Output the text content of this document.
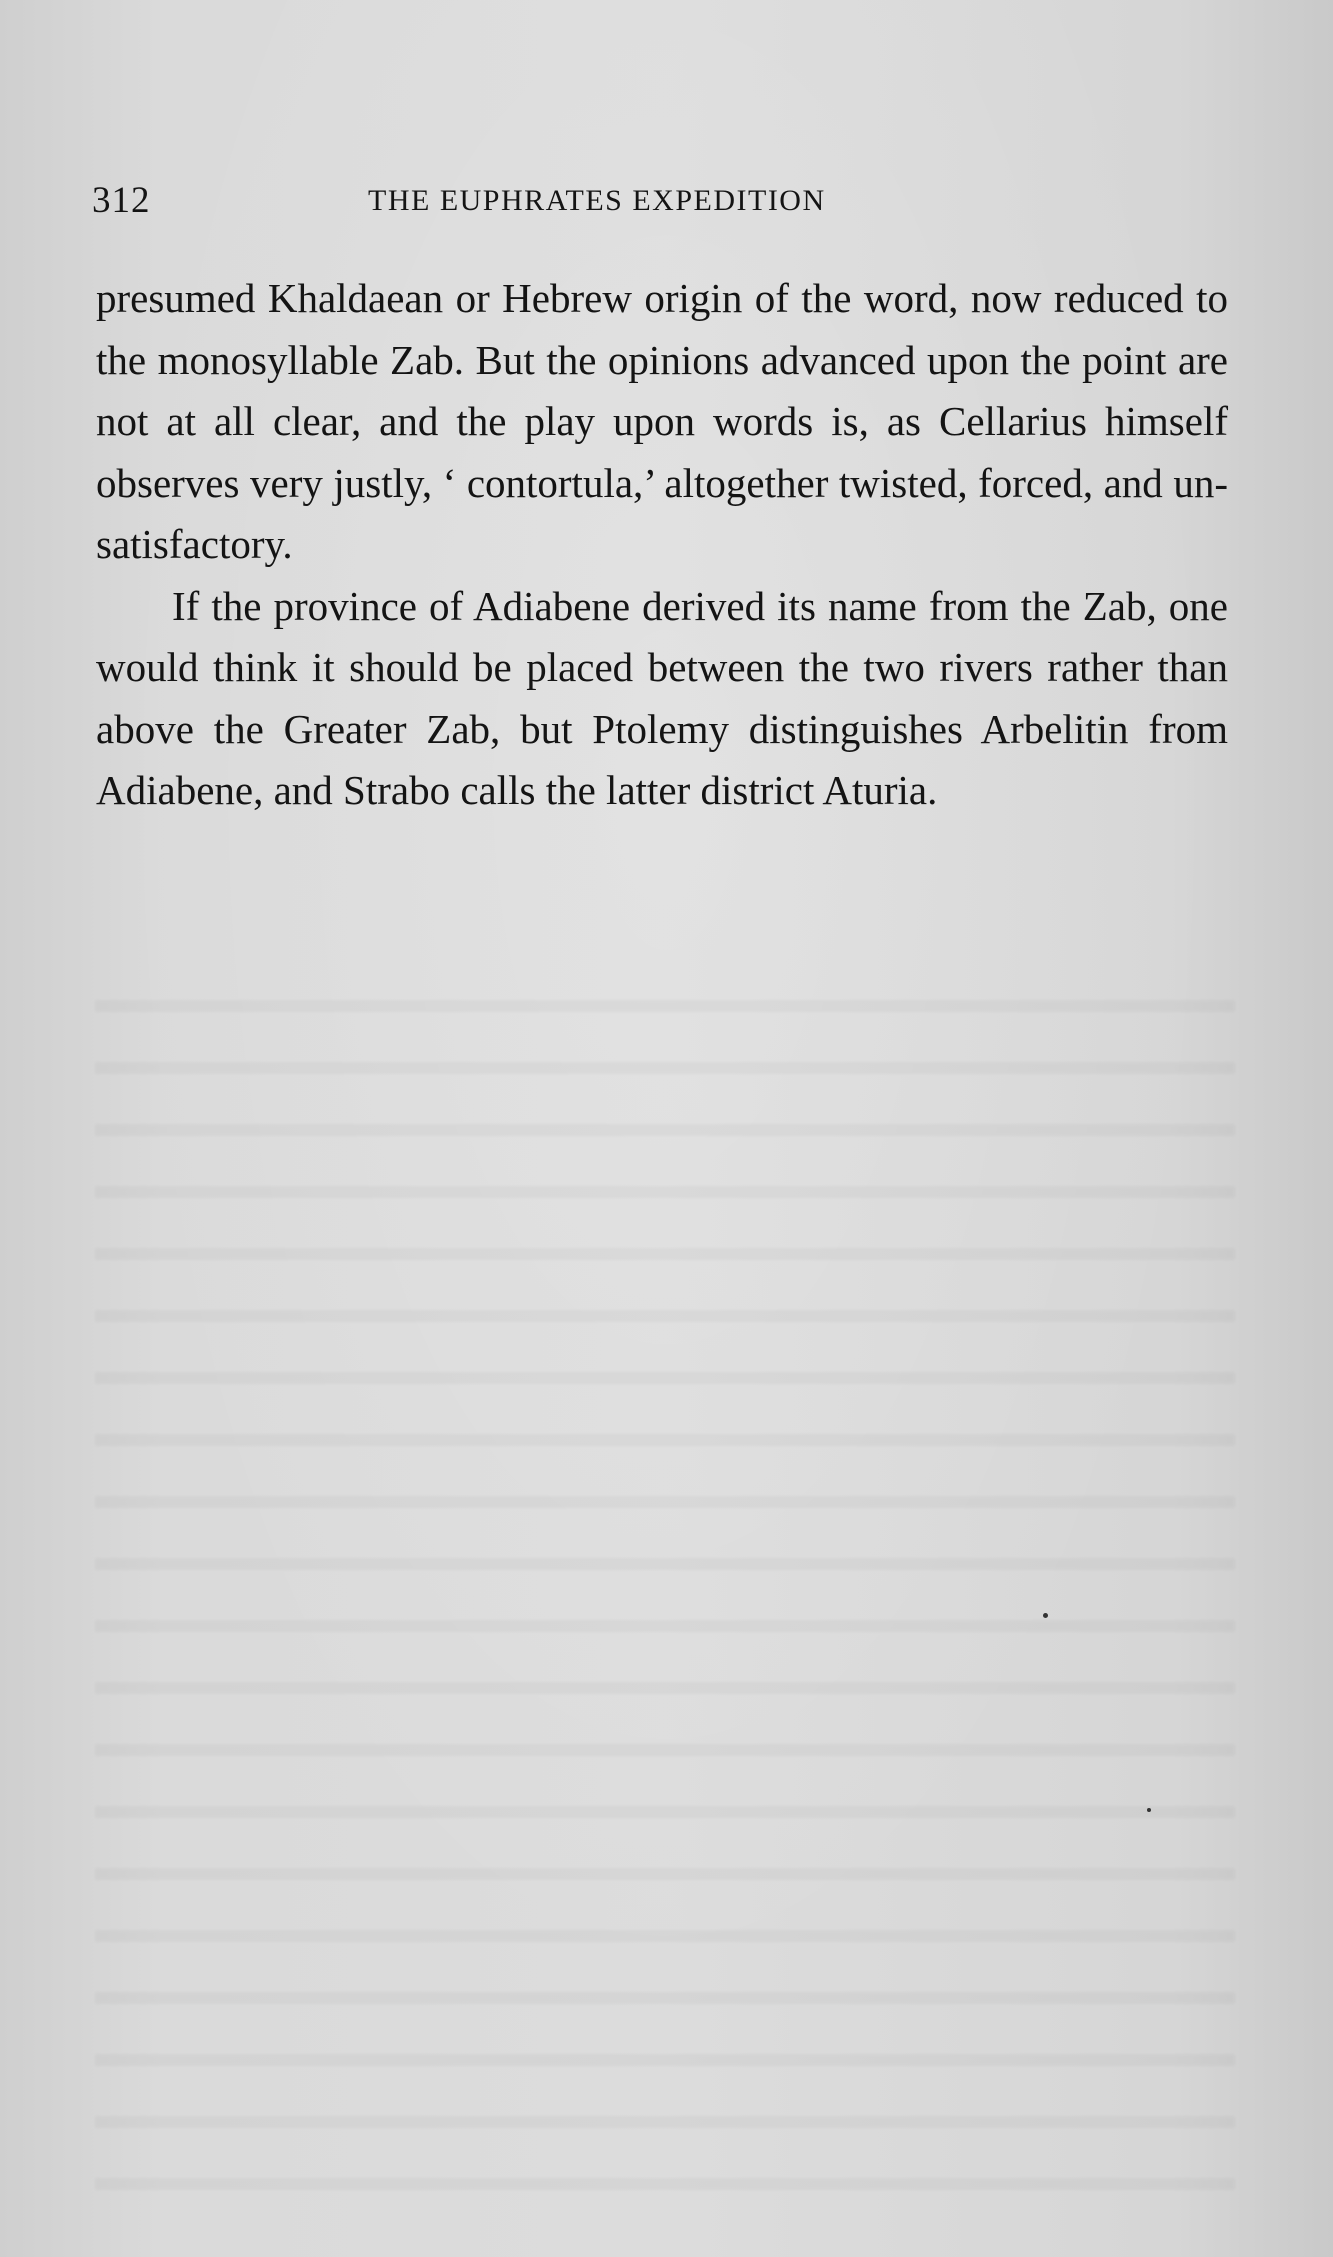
312	THE EUPHRATES EXPEDITION

presumed Khaldaean or Hebrew origin of the word, now reduced to the monosyllable Zab. But the opinions advanced upon the point are not at all clear, and the play upon words is, as Cellarius himself observes very justly, ‘ contortula,’ altogether twisted, forced, and unsatisfactory.

If the province of Adiabene derived its name from the Zab, one would think it should be placed between the two rivers rather than above the Greater Zab, but Ptolemy distinguishes Arbelitin from Adiabene, and Strabo calls the latter district Aturia.
